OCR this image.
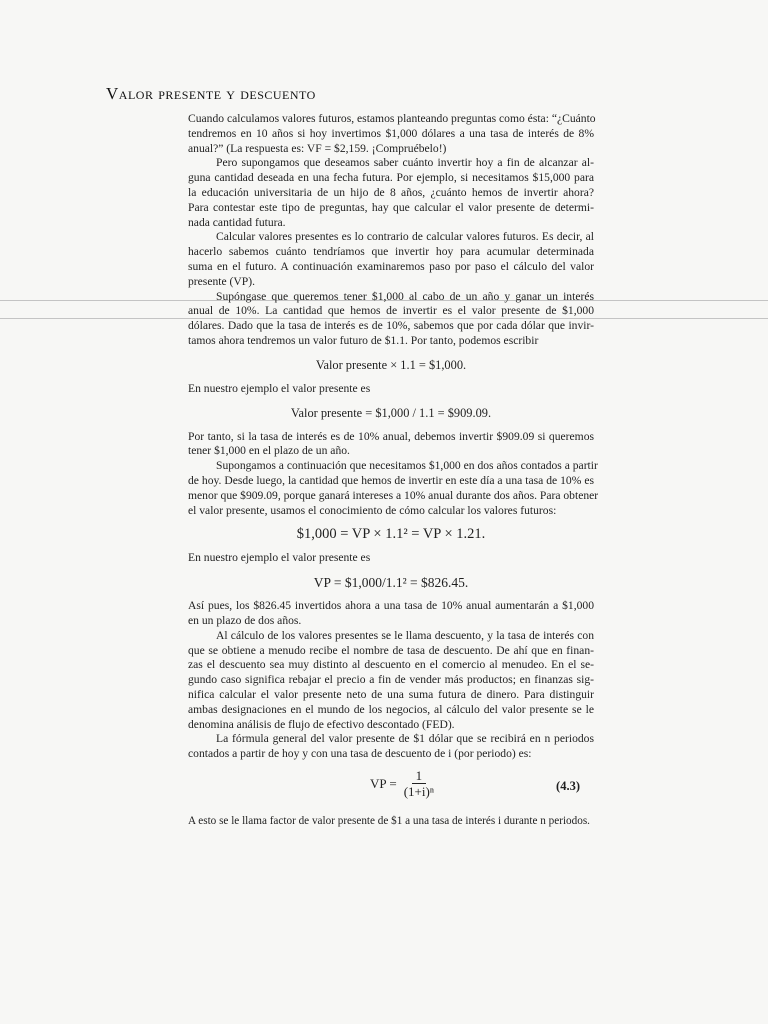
Valor presente y descuento

Cuando calculamos valores futuros, estamos planteando preguntas como ésta: “¿Cuánto

tendremos en 10 años si hoy invertimos $1,000 dólares a una tasa de interés de 8%

anual?” (La respuesta es: VF = $2,159. ¡Compruébelo!)

Pero supongamos que deseamos saber cuánto invertir hoy a fin de alcanzar al-

guna cantidad deseada en una fecha futura. Por ejemplo, si necesitamos $15,000 para

la educación universitaria de un hijo de 8 años, ¿cuánto hemos de invertir ahora?

Para contestar este tipo de preguntas, hay que calcular el valor presente de determi-

nada cantidad futura.

Calcular valores presentes es lo contrario de calcular valores futuros. Es decir, al

hacerlo sabemos cuánto tendríamos que invertir hoy para acumular determinada

suma en el futuro. A continuación examinaremos paso por paso el cálculo del valor

presente (VP).

Supóngase que queremos tener $1,000 al cabo de un año y ganar un interés

anual de 10%. La cantidad que hemos de invertir es el valor presente de $1,000

dólares. Dado que la tasa de interés es de 10%, sabemos que por cada dólar que invir-

tamos ahora tendremos un valor futuro de $1.1. Por tanto, podemos escribir

Valor presente × 1.1 = $1,000.

En nuestro ejemplo el valor presente es

Valor presente = $1,000 / 1.1 = $909.09.

Por tanto, si la tasa de interés es de 10% anual, debemos invertir $909.09 si queremos

tener $1,000 en el plazo de un año.

Supongamos a continuación que necesitamos $1,000 en dos años contados a partir

de hoy. Desde luego, la cantidad que hemos de invertir en este día a una tasa de 10% es

menor que $909.09, porque ganará intereses a 10% anual durante dos años. Para obtener

el valor presente, usamos el conocimiento de cómo calcular los valores futuros:

$1,000 = VP × 1.1² = VP × 1.21.

En nuestro ejemplo el valor presente es

VP = $1,000/1.1² = $826.45.

Así pues, los $826.45 invertidos ahora a una tasa de 10% anual aumentarán a $1,000

en un plazo de dos años.

Al cálculo de los valores presentes se le llama descuento, y la tasa de interés con

que se obtiene a menudo recibe el nombre de tasa de descuento. De ahí que en finan-

zas el descuento sea muy distinto al descuento en el comercio al menudeo. En el se-

gundo caso significa rebajar el precio a fin de vender más productos; en finanzas sig-

nifica calcular el valor presente neto de una suma futura de dinero. Para distinguir

ambas designaciones en el mundo de los negocios, al cálculo del valor presente se le

denomina análisis de flujo de efectivo descontado (FED).

La fórmula general del valor presente de $1 dólar que se recibirá en n periodos

contados a partir de hoy y con una tasa de descuento de i (por periodo) es:

VP = $\frac{1}{\text{(1+i)ⁿ}}$	(4.3)

A esto se le llama factor de valor presente de $1 a una tasa de interés i durante n periodos.
